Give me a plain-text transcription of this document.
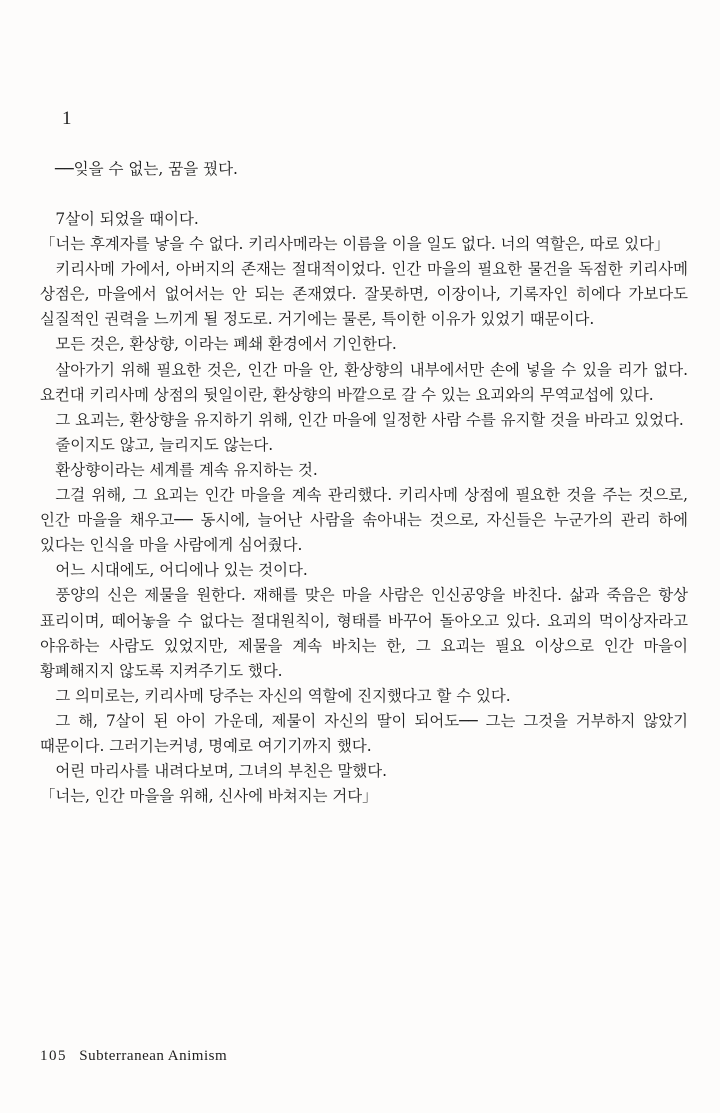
1
──잊을 수 없는, 꿈을 꿨다.

7살이 되었을 때이다.

「너는 후계자를 낳을 수 없다. 키리사메라는 이름을 이을 일도 없다. 너의 역할은, 따로 있다」

키리사메 가에서, 아버지의 존재는 절대적이었다. 인간 마을의 필요한 물건을 독점한 키리사메 상점은, 마을에서 없어서는 안 되는 존재였다. 잘못하면, 이장이나, 기록자인 히에다 가보다도 실질적인 권력을 느끼게 될 정도로. 거기에는 물론, 특이한 이유가 있었기 때문이다.

모든 것은, 환상향, 이라는 폐쇄 환경에서 기인한다.

살아가기 위해 필요한 것은, 인간 마을 안, 환상향의 내부에서만 손에 넣을 수 있을 리가 없다. 요컨대 키리사메 상점의 뒷일이란, 환상향의 바깥으로 갈 수 있는 요괴와의 무역교섭에 있다.

그 요괴는, 환상향을 유지하기 위해, 인간 마을에 일정한 사람 수를 유지할 것을 바라고 있었다.

줄이지도 않고, 늘리지도 않는다.

환상향이라는 세계를 계속 유지하는 것.

그걸 위해, 그 요괴는 인간 마을을 계속 관리했다. 키리사메 상점에 필요한 것을 주는 것으로, 인간 마을을 채우고── 동시에, 늘어난 사람을 솎아내는 것으로, 자신들은 누군가의 관리 하에 있다는 인식을 마을 사람에게 심어줬다.

어느 시대에도, 어디에나 있는 것이다.

풍양의 신은 제물을 원한다. 재해를 맞은 마을 사람은 인신공양을 바친다. 삶과 죽음은 항상 표리이며, 떼어놓을 수 없다는 절대원칙이, 형태를 바꾸어 돌아오고 있다. 요괴의 먹이상자라고 야유하는 사람도 있었지만, 제물을 계속 바치는 한, 그 요괴는 필요 이상으로 인간 마을이 황폐해지지 않도록 지켜주기도 했다.

그 의미로는, 키리사메 당주는 자신의 역할에 진지했다고 할 수 있다.

그 해, 7살이 된 아이 가운데, 제물이 자신의 딸이 되어도── 그는 그것을 거부하지 않았기 때문이다. 그러기는커녕, 명예로 여기기까지 했다.

어린 마리사를 내려다보며, 그녀의 부친은 말했다.

「너는, 인간 마을을 위해, 신사에 바쳐지는 거다」

105 Subterranean Animism
